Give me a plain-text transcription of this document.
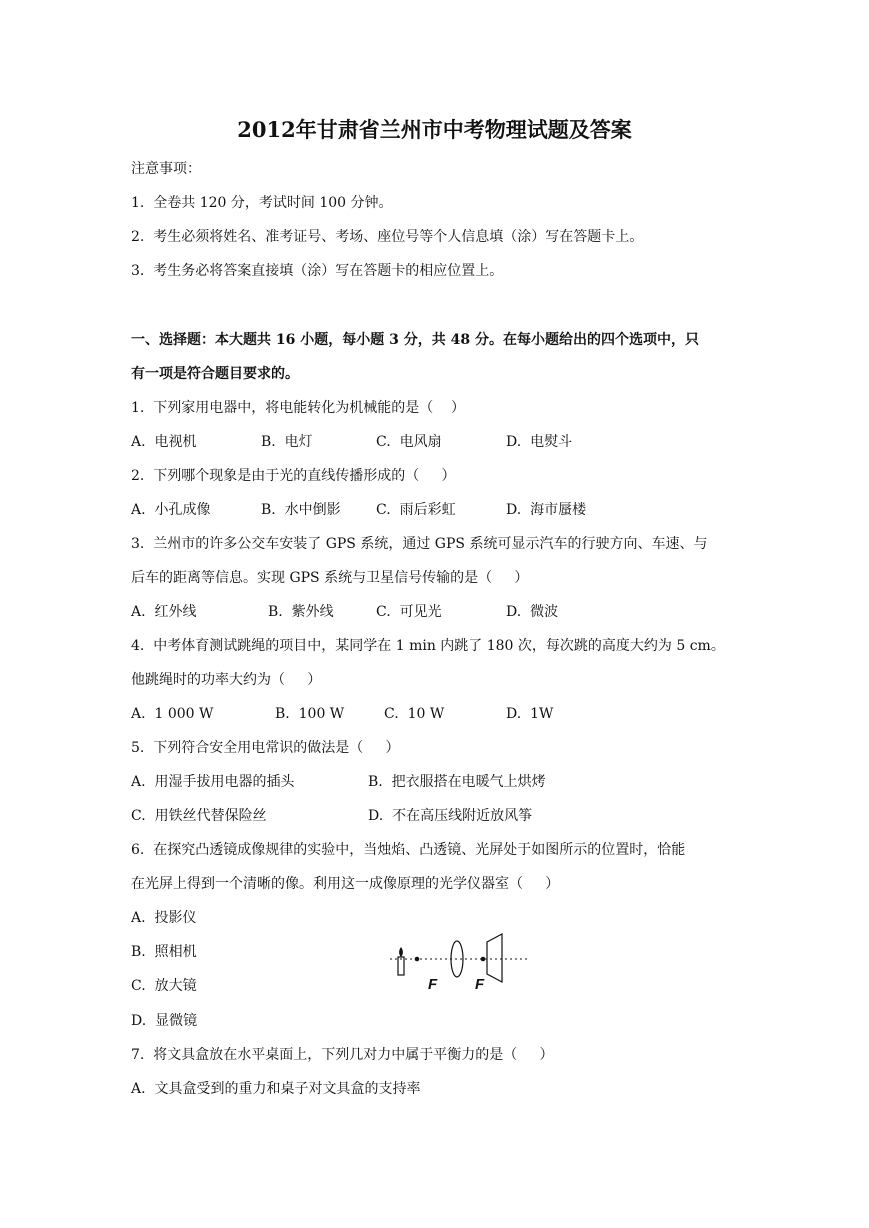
2012年甘肃省兰州市中考物理试题及答案
注意事项：
1.  全卷共 120 分，考试时间 100 分钟。
2.  考生必须将姓名、准考证号、考场、座位号等个人信息填（涂）写在答题卡上。
3.  考生务必将答案直接填（涂）写在答题卡的相应位置上。
一、选择题：本大题共 16 小题，每小题 3 分，共 48 分。在每小题给出的四个选项中，只
有一项是符合题目要求的。
1.  下列家用电器中，将电能转化为机械能的是（    ）
A.  电视机	B.  电灯	C.  电风扇	D.  电熨斗
2.  下列哪个现象是由于光的直线传播形成的（     ）
A.  小孔成像	B.  水中倒影	C.  雨后彩虹	D.  海市蜃楼
3.  兰州市的许多公交车安装了 GPS 系统，通过 GPS 系统可显示汽车的行驶方向、车速、与
后车的距离等信息。实现 GPS 系统与卫星信号传输的是（     ）
A.  红外线	B.  紫外线	C.  可见光	D.  微波
4.  中考体育测试跳绳的项目中，某同学在 1 min 内跳了 180 次，每次跳的高度大约为 5 cm。
他跳绳时的功率大约为（     ）
A.  1 000 W	B.  100 W	C.  10 W	D.  1W
5.  下列符合安全用电常识的做法是（     ）
A.  用湿手拔用电器的插头	B.  把衣服搭在电暖气上烘烤
C.  用铁丝代替保险丝	D.  不在高压线附近放风筝
6.  在探究凸透镜成像规律的实验中，当烛焰、凸透镜、光屏处于如图所示的位置时，恰能
在光屏上得到一个清晰的像。利用这一成像原理的光学仪器室（     ）
A.  投影仪
B.  照相机
C.  放大镜
D.  显微镜
F	F
7.  将文具盒放在水平桌面上，下列几对力中属于平衡力的是（     ）
A.  文具盒受到的重力和桌子对文具盒的支持率
